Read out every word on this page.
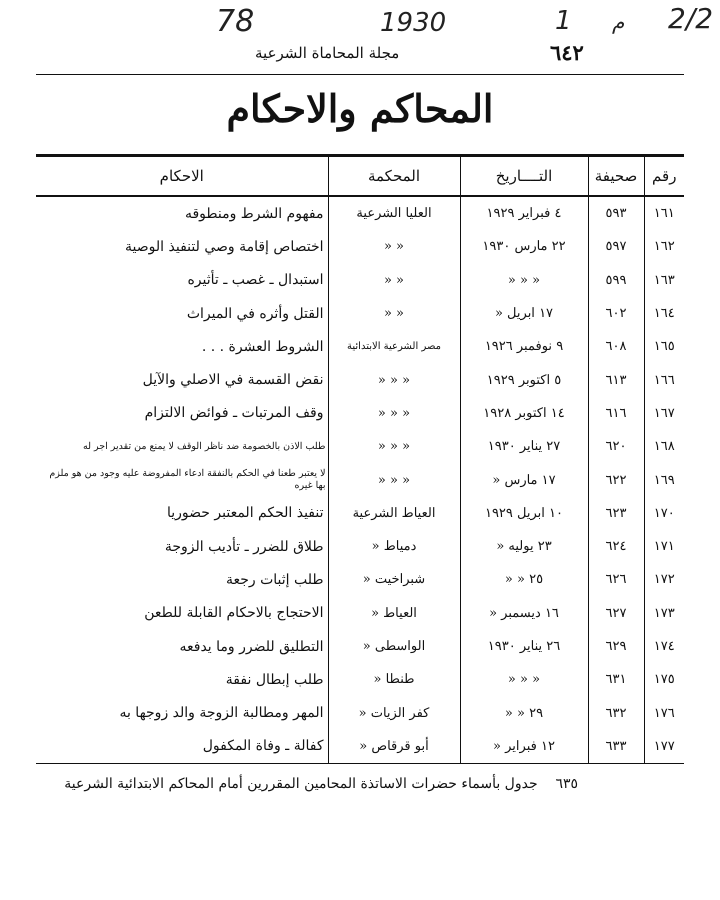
78	1930	1 م 2/2
مجلة المحاماة الشرعية	٦٤٢
المحاكم والاحكام
رقم	صحيفة	التــــاريخ	المحكمة	الاحكام
١٦١	٥٩٣	٤ فبراير ١٩٢٩	العليا الشرعية	مفهوم الشرط ومنطوقه
١٦٢	٥٩٧	٢٢ مارس ١٩٣٠	« «	اختصاص إقامة وصي لتنفيذ الوصية
١٦٣	٥٩٩	« « «	« «	استبدال ـ غصب ـ تأثيره
١٦٤	٦٠٢	١٧ ابريل «	« «	القتل وأثره في الميراث
١٦٥	٦٠٨	٩ نوفمبر ١٩٢٦	مصر الشرعية الابتدائية	الشروط العشرة . . .
١٦٦	٦١٣	٥ اكتوبر ١٩٢٩	« « «	نقض القسمة في الاصلي والآيل
١٦٧	٦١٦	١٤ اكتوبر ١٩٢٨	« « «	وقف المرتبات ـ فوائض الالتزام
١٦٨	٦٢٠	٢٧ يناير ١٩٣٠	« « «	طلب الاذن بالخصومة ضد ناظر الوقف لا يمنع من تقدير اجر له
١٦٩	٦٢٢	١٧ مارس «	« « «	لا يعتبر طعنا في الحكم بالنفقة ادعاء المفروضة عليه وجود من هو ملزم بها غيره
١٧٠	٦٢٣	١٠ ابريل ١٩٢٩	العياط الشرعية	تنفيذ الحكم المعتبر حضوريا
١٧١	٦٢٤	٢٣ يوليه «	دمياط «	طلاق للضرر ـ تأديب الزوجة
١٧٢	٦٢٦	٢٥ « «	شبراخيت «	طلب إثبات رجعة
١٧٣	٦٢٧	١٦ ديسمبر «	العياط «	الاحتجاج بالاحكام القابلة للطعن
١٧٤	٦٢٩	٢٦ يناير ١٩٣٠	الواسطى «	التطليق للضرر وما يدفعه
١٧٥	٦٣١	« « «	طنطا «	طلب إبطال نفقة
١٧٦	٦٣٢	٢٩ « «	كفر الزيات «	المهر ومطالبة الزوجة والد زوجها به
١٧٧	٦٣٣	١٢ فبراير «	أبو قرقاص «	كفالة ـ وفاة المكفول
٦٣٥    جدول بأسماء حضرات الاساتذة المحامين المقررين أمام المحاكم الابتدائية الشرعية
